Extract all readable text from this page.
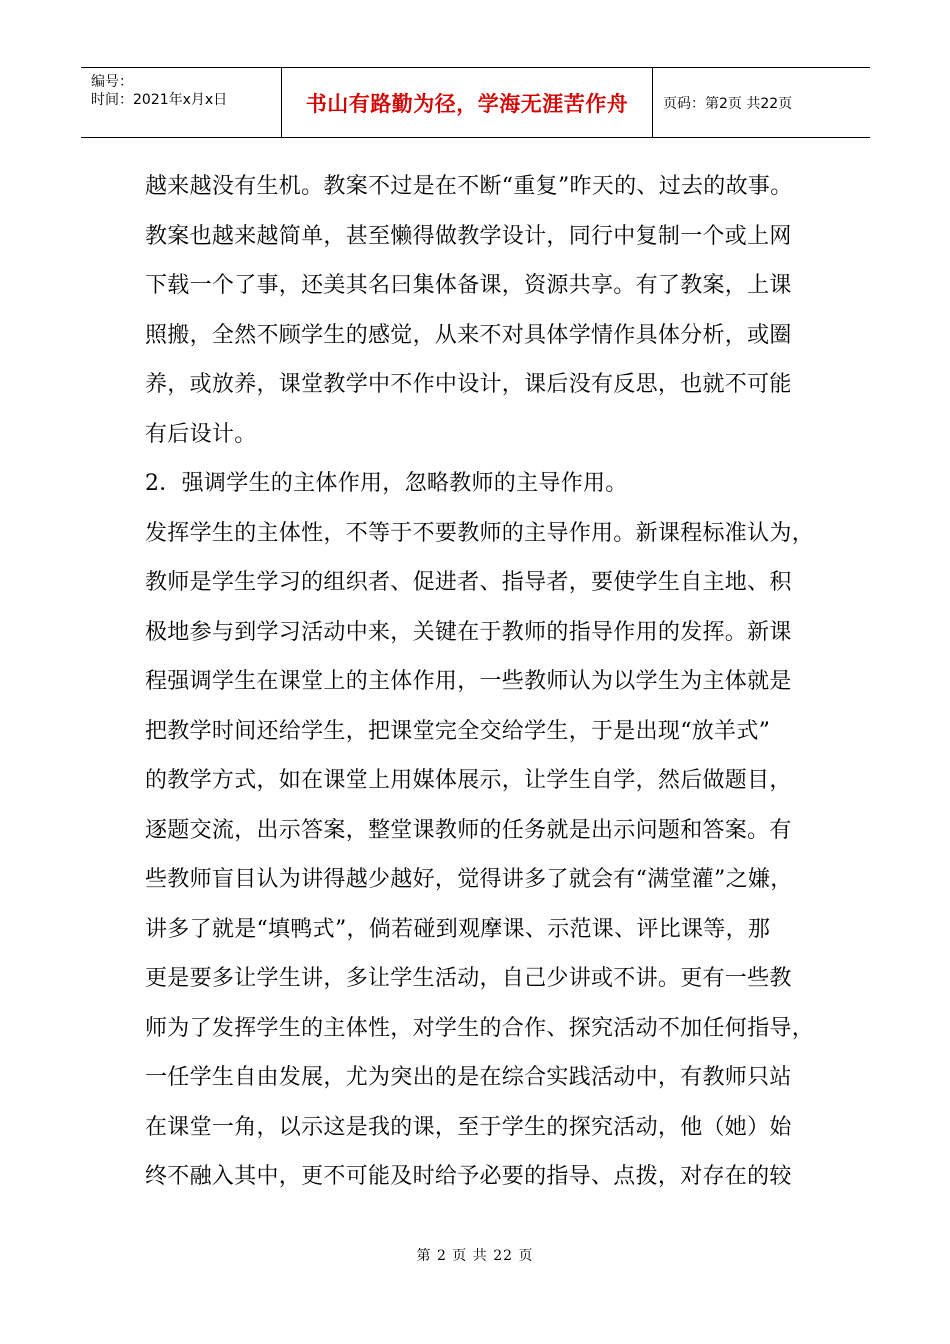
编号：
时间：2021年x月x日	书山有路勤为径，学海无涯苦作舟 页码：第2页 共22页
越来越没有生机。教案不过是在不断“重复”昨天的、过去的故事。
教案也越来越简单，甚至懒得做教学设计，同行中复制一个或上网
下载一个了事，还美其名曰集体备课，资源共享。有了教案，上课
照搬，全然不顾学生的感觉，从来不对具体学情作具体分析，或圈
养，或放养，课堂教学中不作中设计，课后没有反思，也就不可能
有后设计。
2．强调学生的主体作用，忽略教师的主导作用。
发挥学生的主体性，不等于不要教师的主导作用。新课程标准认为，
教师是学生学习的组织者、促进者、指导者，要使学生自主地、积
极地参与到学习活动中来，关键在于教师的指导作用的发挥。新课
程强调学生在课堂上的主体作用，一些教师认为以学生为主体就是
把教学时间还给学生，把课堂完全交给学生，于是出现“放羊式”
的教学方式，如在课堂上用媒体展示，让学生自学，然后做题目，
逐题交流，出示答案，整堂课教师的任务就是出示问题和答案。有
些教师盲目认为讲得越少越好，觉得讲多了就会有“满堂灌”之嫌，
讲多了就是“填鸭式”，倘若碰到观摩课、示范课、评比课等，那
更是要多让学生讲，多让学生活动，自己少讲或不讲。更有一些教
师为了发挥学生的主体性，对学生的合作、探究活动不加任何指导，
一任学生自由发展，尤为突出的是在综合实践活动中，有教师只站
在课堂一角，以示这是我的课，至于学生的探究活动，他（她）始
终不融入其中，更不可能及时给予必要的指导、点拨，对存在的较
第 2 页 共 22 页
